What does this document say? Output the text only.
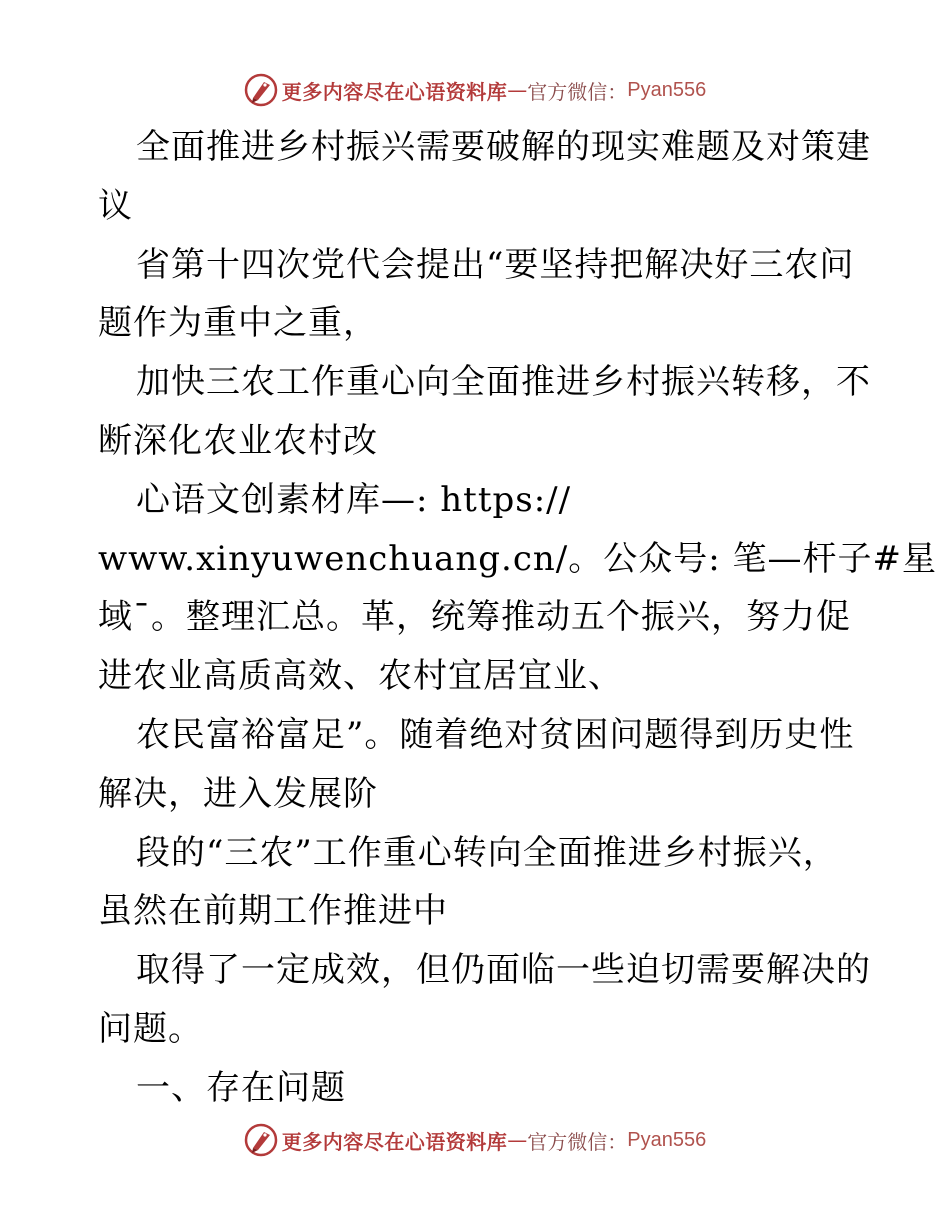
更多内容尽在心语资料库 — 官方微信： Pyan556
全面推进乡村振兴需要破解的现实难题及对策建
议
省第十四次党代会提出“要坚持把解决好三农问
题作为重中之重，
加快三农工作重心向全面推进乡村振兴转移，不
断深化农业农村改
心语文创素材库—: https://
www.xinyuwenchuang.cn/。公众号: 笔—杆子#星
域¯。整理汇总。革，统筹推动五个振兴，努力促
进农业高质高效、农村宜居宜业、
农民富裕富足”。随着绝对贫困问题得到历史性
解决，进入发展阶
段的“三农”工作重心转向全面推进乡村振兴，
虽然在前期工作推进中
取得了一定成效，但仍面临一些迫切需要解决的
问题。
一、存在问题
更多内容尽在心语资料库 — 官方微信： Pyan556
